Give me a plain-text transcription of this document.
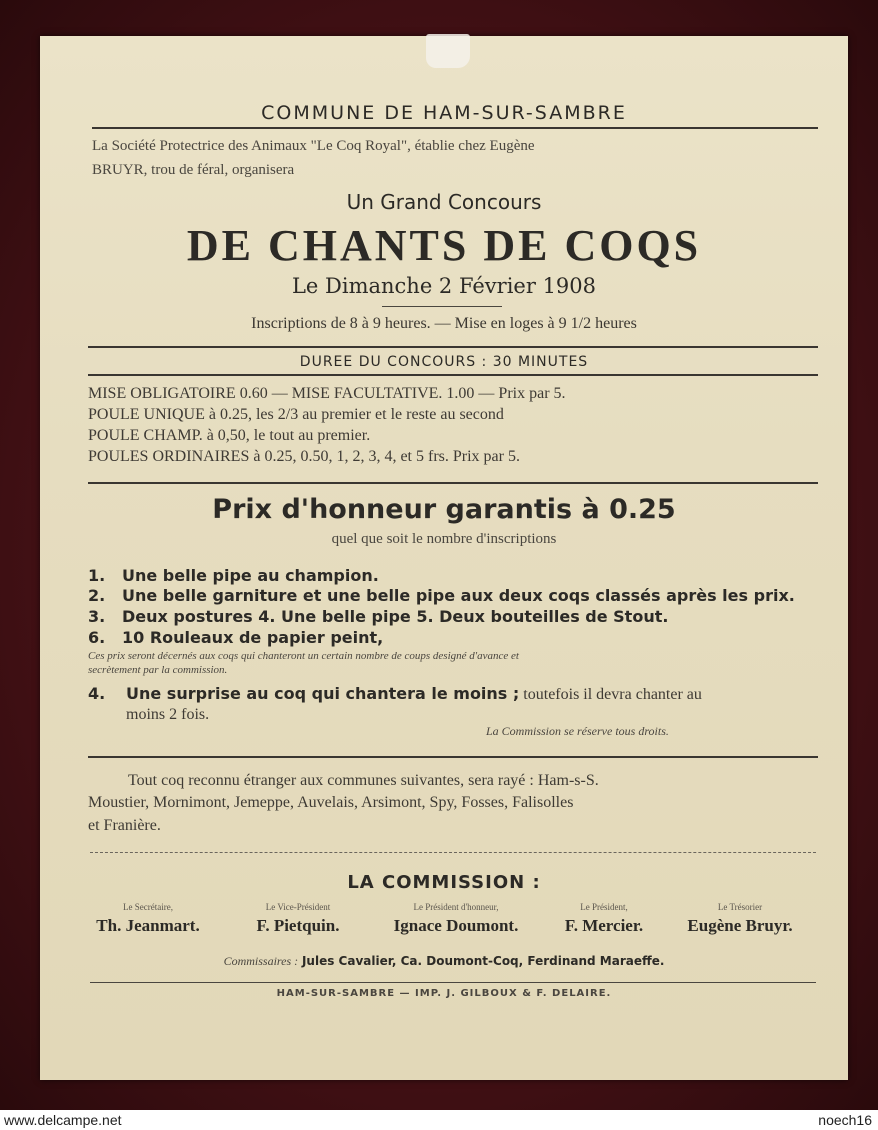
COMMUNE DE HAM-SUR-SAMBRE
La Société Protectrice des Animaux "Le Coq Royal", établie chez Eugène
BRUYR, trou de féral, organisera
Un Grand Concours
DE CHANTS DE COQS
Le Dimanche 2 Février 1908
Inscriptions de 8 à 9 heures. — Mise en loges à 9 1/2 heures
DUREE DU CONCOURS : 30 MINUTES
MISE OBLIGATOIRE 0.60 — MISE FACULTATIVE. 1.00 — Prix par 5.
POULE UNIQUE à 0.25, les 2/3 au premier et le reste au second
POULE CHAMP. à 0,50, le tout au premier.
POULES ORDINAIRES à 0.25, 0.50, 1, 2, 3, 4, et 5 frs. Prix par 5.
Prix d'honneur garantis à 0.25
quel que soit le nombre d'inscriptions
1. Une belle pipe au champion.
2. Une belle garniture et une belle pipe aux deux coqs classés après les prix.
3. Deux postures 4. Une belle pipe 5. Deux bouteilles de Stout.
6. 10 Rouleaux de papier peint,
Ces prix seront décernés aux coqs qui chanteront un certain nombre de coups designé d'avance et
secrètement par la commission.
4. Une surprise au coq qui chantera le moins ; toutefois il devra chanter au
moins 2 fois.
La Commission se réserve tous droits.
Tout coq reconnu étranger aux communes suivantes, sera rayé : Ham-s-S.
Moustier, Mornimont, Jemeppe, Auvelais, Arsimont, Spy, Fosses, Falisolles
et Franière.
LA COMMISSION :
Le Secrétaire,
Th. Jeanmart.
Le Vice-Président
F. Pietquin.
Le Président d'honneur,
Ignace Doumont.
Le Président,
F. Mercier.
Le Trésorier
Eugène Bruyr.
Commissaires : Jules Cavalier, Ca. Doumont-Coq, Ferdinand Maraeffe.
HAM-SUR-SAMBRE — IMP. J. GILBOUX & F. DELAIRE.
www.delcampe.net	noech16
